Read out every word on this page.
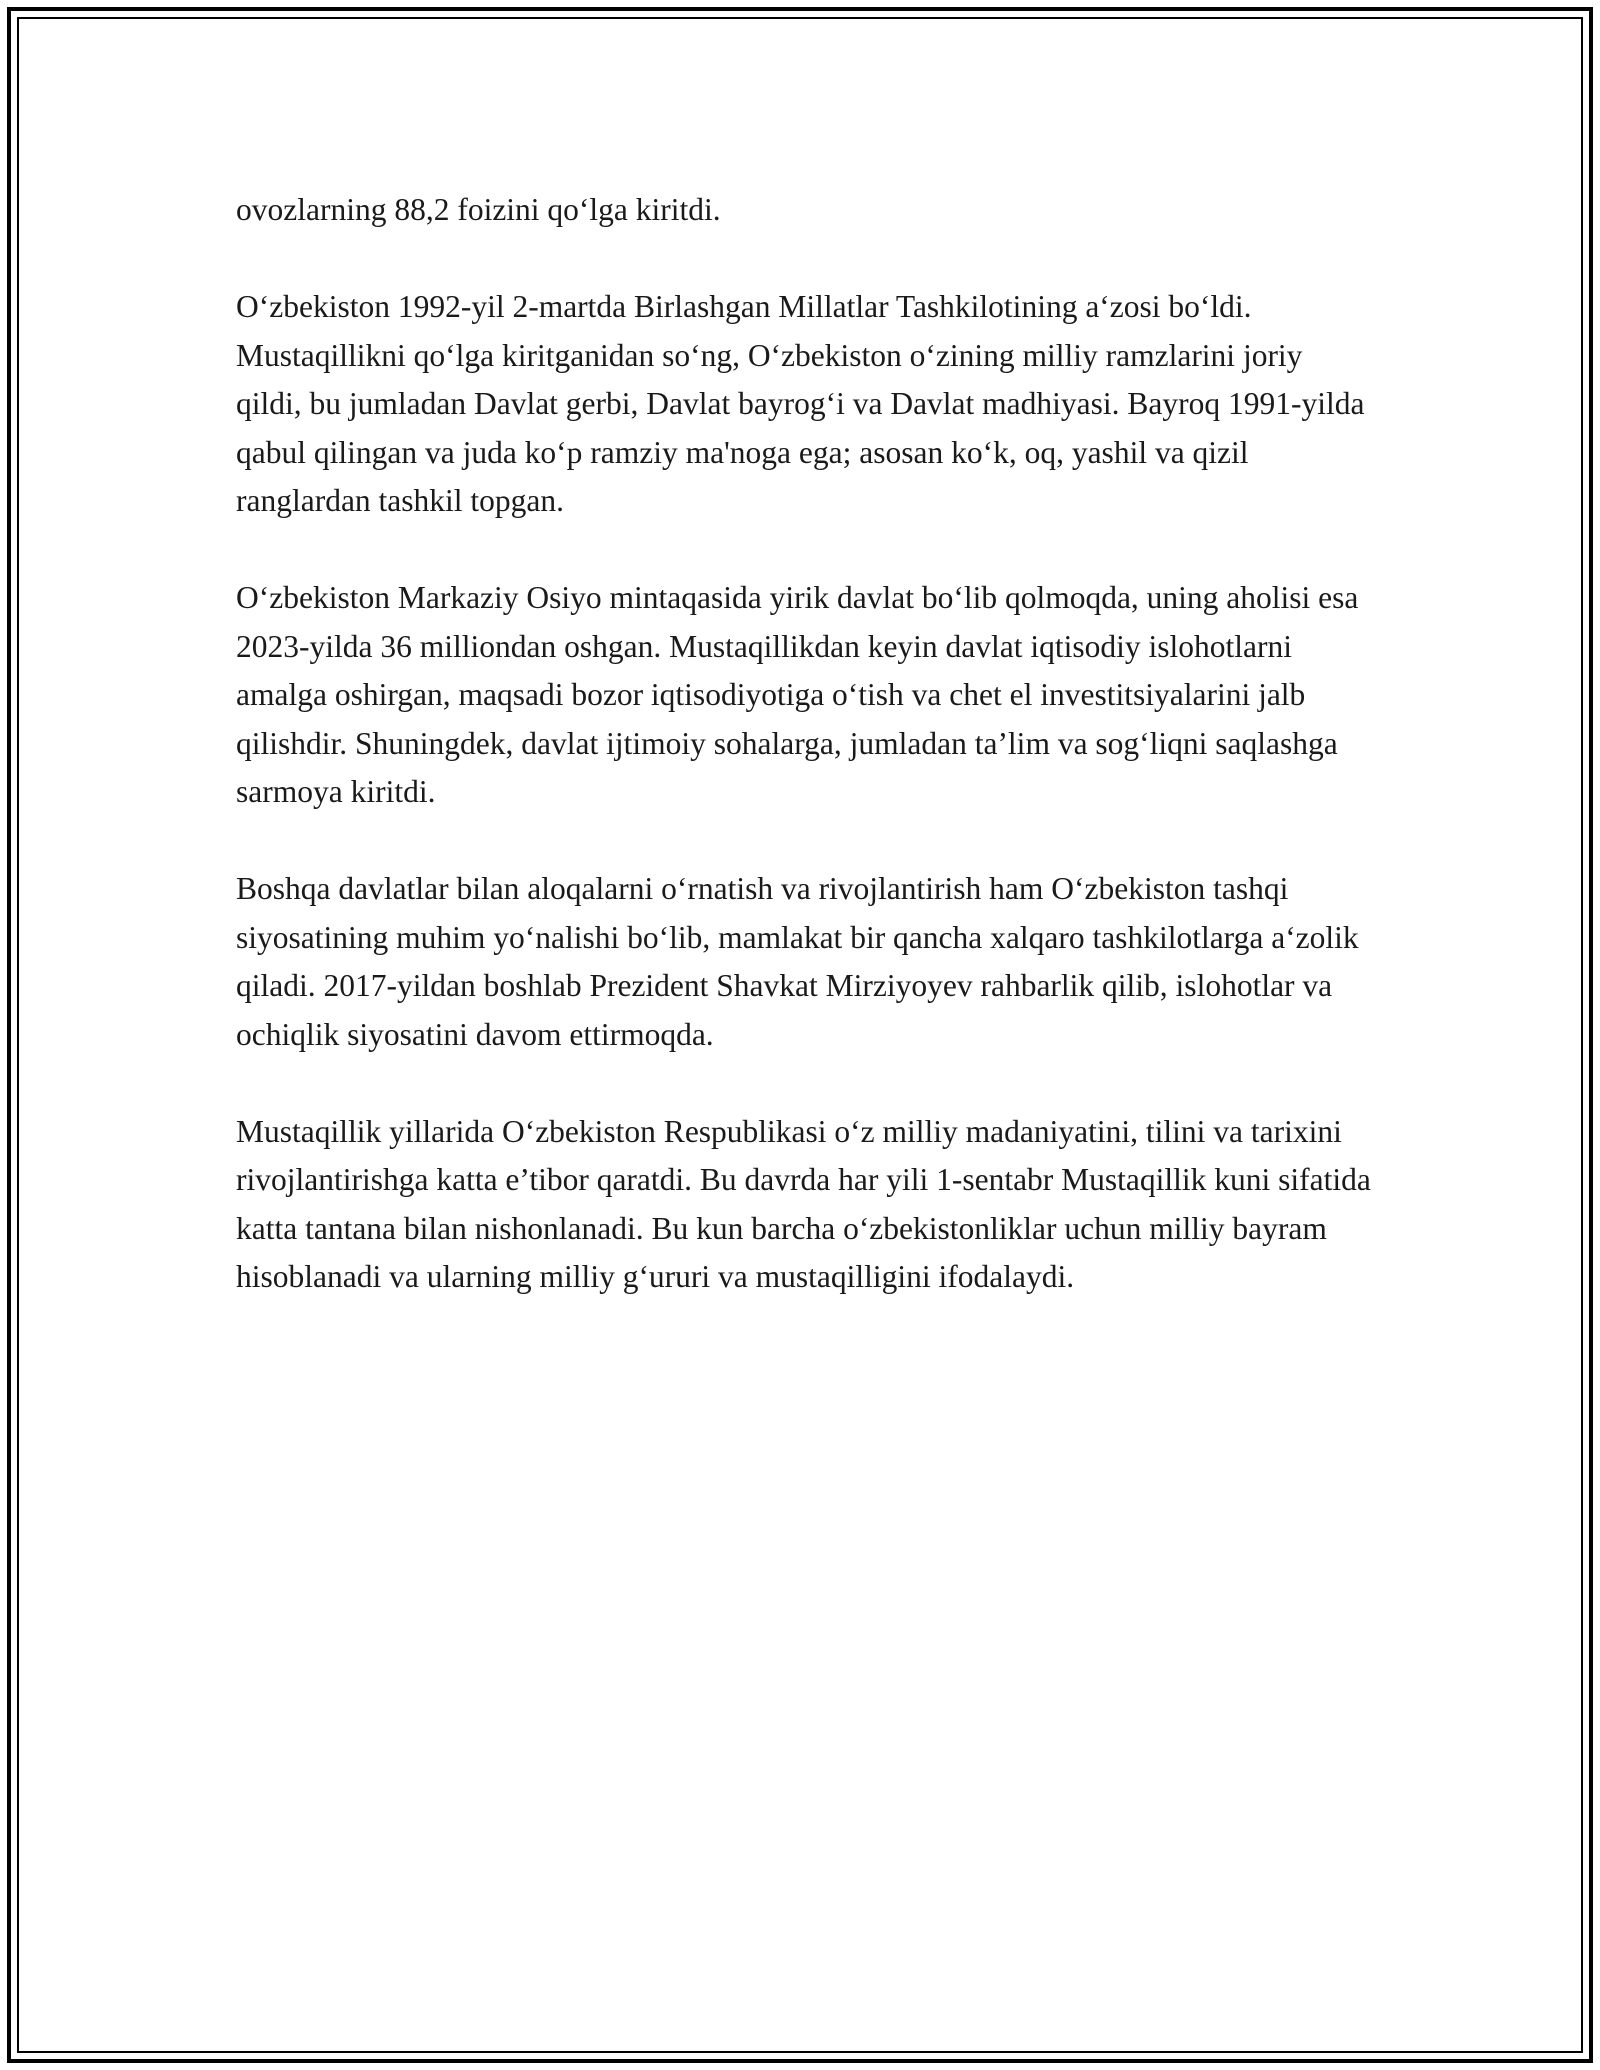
ovozlarning 88,2 foizini qo‘lga kiritdi.

O‘zbekiston 1992-yil 2-martda Birlashgan Millatlar Tashkilotining a‘zosi bo‘ldi. Mustaqillikni qo‘lga kiritganidan so‘ng, O‘zbekiston o‘zining milliy ramzlarini joriy qildi, bu jumladan Davlat gerbi, Davlat bayrog‘i va Davlat madhiyasi. Bayroq 1991-yilda qabul qilingan va juda ko‘p ramziy ma'noga ega; asosan ko‘k, oq, yashil va qizil ranglardan tashkil topgan.

O‘zbekiston Markaziy Osiyo mintaqasida yirik davlat bo‘lib qolmoqda, uning aholisi esa 2023-yilda 36 milliondan oshgan. Mustaqillikdan keyin davlat iqtisodiy islohotlarni amalga oshirgan, maqsadi bozor iqtisodiyotiga o‘tish va chet el investitsiyalarini jalb qilishdir. Shuningdek, davlat ijtimoiy sohalarga, jumladan ta’lim va sog‘liqni saqlashga sarmoya kiritdi.

Boshqa davlatlar bilan aloqalarni o‘rnatish va rivojlantirish ham O‘zbekiston tashqi siyosatining muhim yo‘nalishi bo‘lib, mamlakat bir qancha xalqaro tashkilotlarga a‘zolik qiladi. 2017-yildan boshlab Prezident Shavkat Mirziyoyev rahbarlik qilib, islohotlar va ochiqlik siyosatini davom ettirmoqda.

Mustaqillik yillarida O‘zbekiston Respublikasi o‘z milliy madaniyatini, tilini va tarixini rivojlantirishga katta e’tibor qaratdi. Bu davrda har yili 1-sentabr Mustaqillik kuni sifatida katta tantana bilan nishonlanadi. Bu kun barcha o‘zbekistonliklar uchun milliy bayram hisoblanadi va ularning milliy g‘ururi va mustaqilligini ifodalaydi.
